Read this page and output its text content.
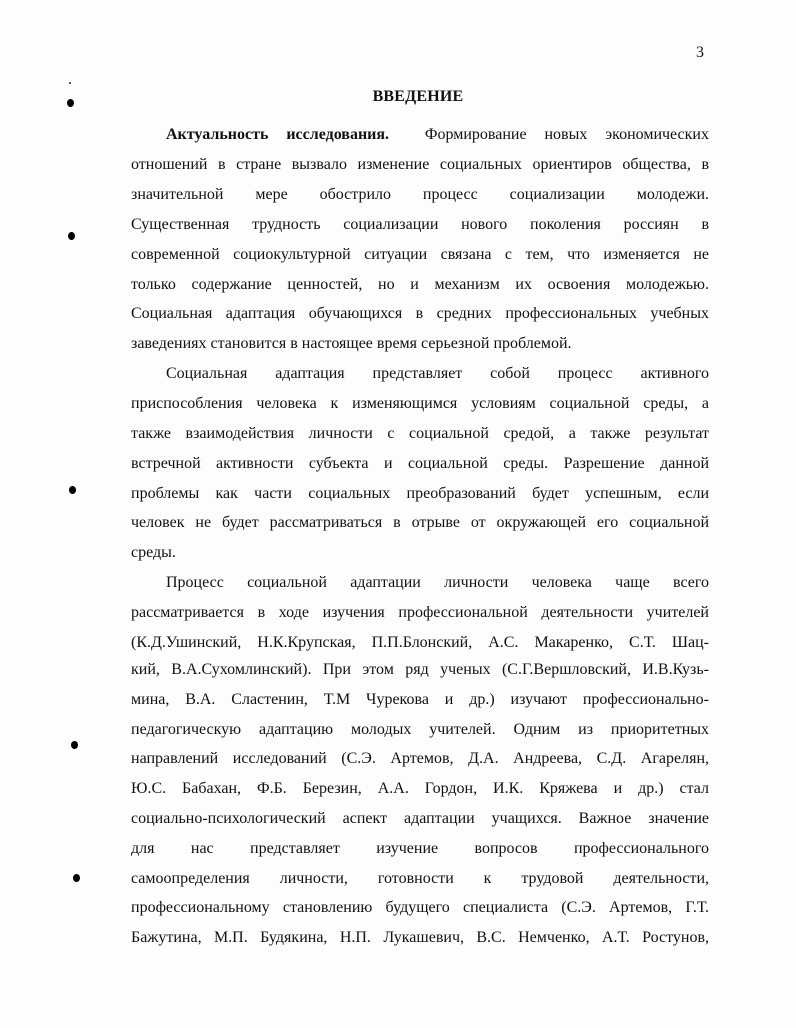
3
ВВЕДЕНИЕ
Актуальность исследования. Формирование новых экономических
отношений в стране вызвало изменение социальных ориентиров общества, в
значительной мере обострило процесс социализации молодежи.
Существенная трудность социализации нового поколения россиян в
современной социокультурной ситуации связана с тем, что изменяется не
только содержание ценностей, но и механизм их освоения молодежью.
Социальная адаптация обучающихся в средних профессиональных учебных
заведениях становится в настоящее время серьезной проблемой.
Социальная адаптация представляет собой процесс активного
приспособления человека к изменяющимся условиям социальной среды, а
также взаимодействия личности с социальной средой, а также результат
встречной активности субъекта и социальной среды. Разрешение данной
проблемы как части социальных преобразований будет успешным, если
человек не будет рассматриваться в отрыве от окружающей его социальной
среды.
Процесс социальной адаптации личности человека чаще всего
рассматривается в ходе изучения профессиональной деятельности учителей
(К.Д.Ушинский, Н.К.Крупская, П.П.Блонский, А.С. Макаренко, С.Т. Шац-
кий, В.А.Сухомлинский). При этом ряд ученых (С.Г.Вершловский, И.В.Кузь-
мина, В.А. Сластенин, Т.М Чурекова и др.) изучают профессионально-
педагогическую адаптацию молодых учителей. Одним из приоритетных
направлений исследований (С.Э. Артемов, Д.А. Андреева, С.Д. Агарелян,
Ю.С. Бабахан, Ф.Б. Березин, А.А. Гордон, И.К. Кряжева и др.) стал
социально-психологический аспект адаптации учащихся. Важное значение
для нас представляет изучение вопросов профессионального
самоопределения личности, готовности к трудовой деятельности,
профессиональному становлению будущего специалиста (С.Э. Артемов, Г.Т.
Бажутина, М.П. Будякина, Н.П. Лукашевич, В.С. Немченко, А.Т. Ростунов,
